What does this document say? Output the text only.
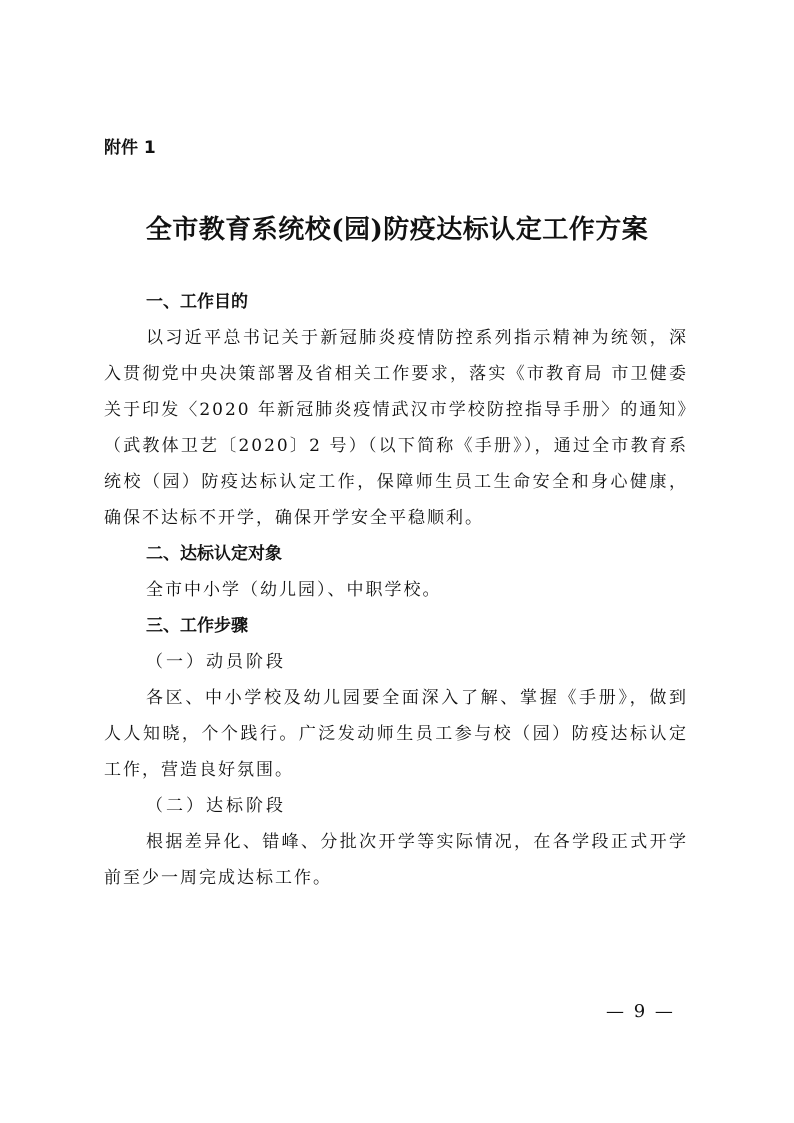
附件 1

全市教育系统校(园)防疫达标认定工作方案

一、工作目的

以习近平总书记关于新冠肺炎疫情防控系列指示精神为统领，深入贯彻党中央决策部署及省相关工作要求，落实《市教育局 市卫健委关于印发〈2020 年新冠肺炎疫情武汉市学校防控指导手册〉的通知》（武教体卫艺〔2020〕2 号）（以下简称《手册》），通过全市教育系统校（园）防疫达标认定工作，保障师生员工生命安全和身心健康，确保不达标不开学，确保开学安全平稳顺利。

二、达标认定对象

全市中小学（幼儿园）、中职学校。

三、工作步骤

（一）动员阶段

各区、中小学校及幼儿园要全面深入了解、掌握《手册》，做到人人知晓，个个践行。广泛发动师生员工参与校（园）防疫达标认定工作，营造良好氛围。

（二）达标阶段

根据差异化、错峰、分批次开学等实际情况，在各学段正式开学前至少一周完成达标工作。

— 9 —
